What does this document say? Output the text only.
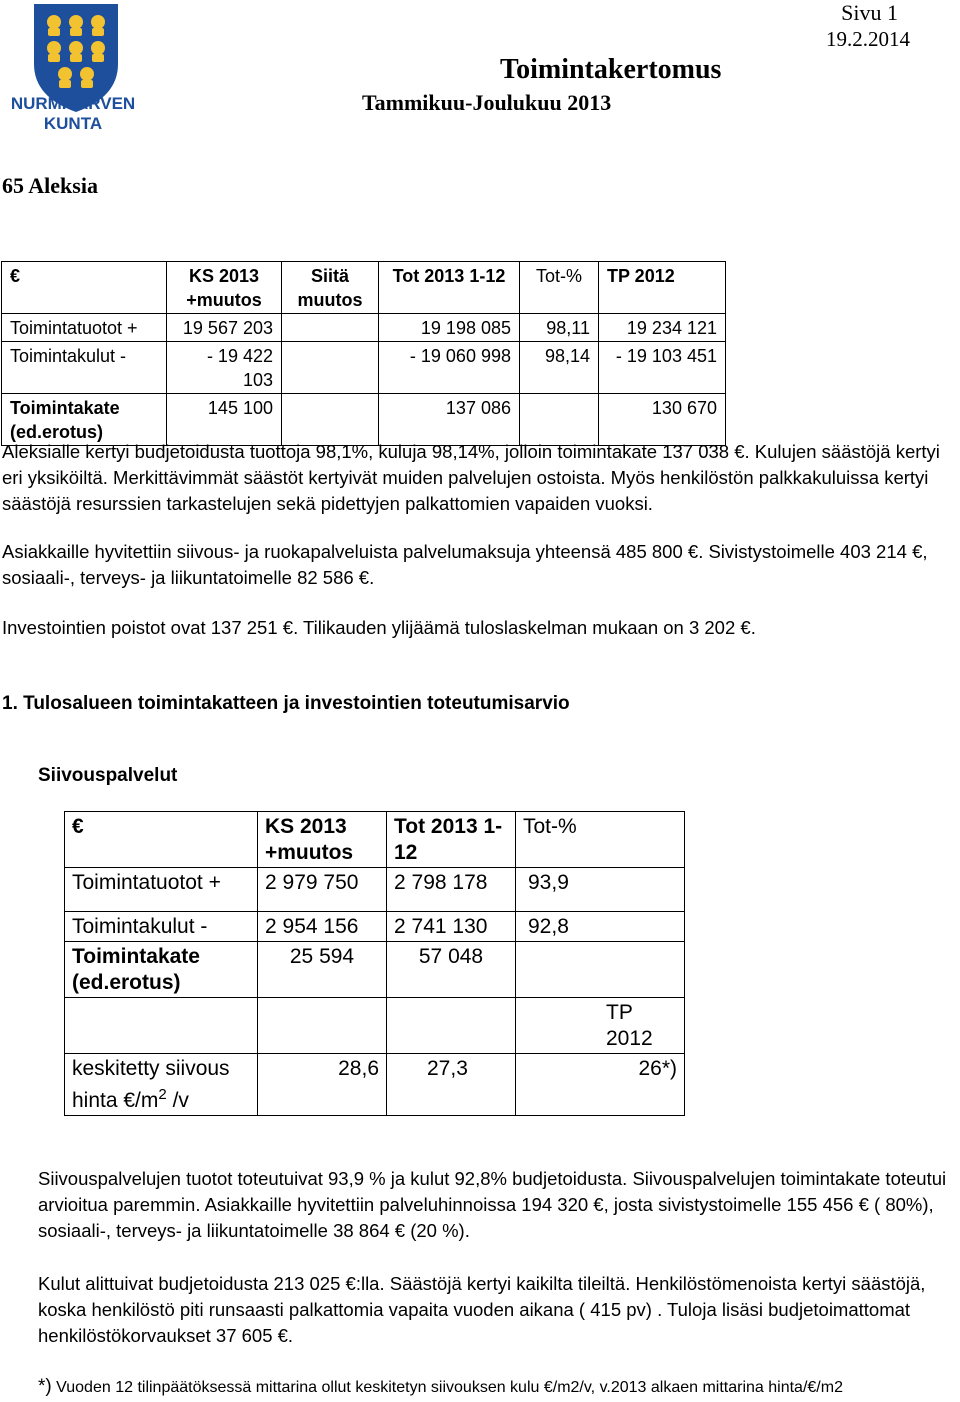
NURMIJÄRVEN KUNTA
Sivu 1
19.2.2014
Toimintakertomus
Tammikuu-Joulukuu 2013
65 Aleksia
€	KS 2013 +muutos	Siitä muutos	Tot 2013 1-12	Tot-%	TP 2012
Toimintatuotot +	19 567 203		19 198 085	98,11	19 234 121
Toimintakulut -	- 19 422 103		- 19 060 998	98,14	- 19 103 451
Toimintakate (ed.erotus)	145 100		137 086		130 670

Aleksialle kertyi budjetoidusta tuottoja 98,1%, kuluja 98,14%, jolloin toimintakate 137 038 €. Kulujen säästöjä kertyi eri yksiköiltä. Merkittävimmät säästöt kertyivät muiden palvelujen ostoista. Myös henkilöstön palkkakuluissa kertyi säästöjä resurssien tarkastelujen sekä pidettyjen palkattomien vapaiden vuoksi.

Asiakkaille hyvitettiin siivous- ja ruokapalveluista palvelumaksuja yhteensä 485 800 €. Sivistystoimelle 403 214 €, sosiaali-, terveys- ja liikuntatoimelle 82 586 €.

Investointien poistot ovat 137 251 €. Tilikauden ylijäämä tuloslaskelman mukaan on 3 202 €.

1. Tulosalueen toimintakatteen ja investointien toteutumisarvio
Siivouspalvelut
€	KS 2013 +muutos	Tot 2013 1-12	Tot-%
Toimintatuotot +	2 979 750	2 798 178	93,9
Toimintakulut -	2 954 156	2 741 130	92,8
Toimintakate (ed.erotus)	25 594	57 048	
			TP 2012
keskitetty siivous hinta $€/m^2$ /v	28,6	27,3	26*)

Siivouspalvelujen tuotot toteutuivat 93,9 % ja kulut 92,8% budjetoidusta. Siivouspalvelujen toimintakate toteutui arvioitua paremmin. Asiakkaille hyvitettiin palveluhinnoissa 194 320 €, josta sivistystoimelle 155 456 € ( 80%), sosiaali-, terveys- ja liikuntatoimelle 38 864 € (20 %).

Kulut alittuivat budjetoidusta 213 025 €:lla. Säästöjä kertyi kaikilta tileiltä. Henkilöstömenoista kertyi säästöjä, koska henkilöstö piti runsaasti palkattomia vapaita vuoden aikana ( 415 pv) . Tuloja lisäsi budjetoimattomat henkilöstökorvaukset 37 605 €.

*) Vuoden 12 tilinpäätöksessä mittarina ollut keskitetyn siivouksen kulu €/m2/v, v.2013 alkaen mittarina hinta/€/m2
